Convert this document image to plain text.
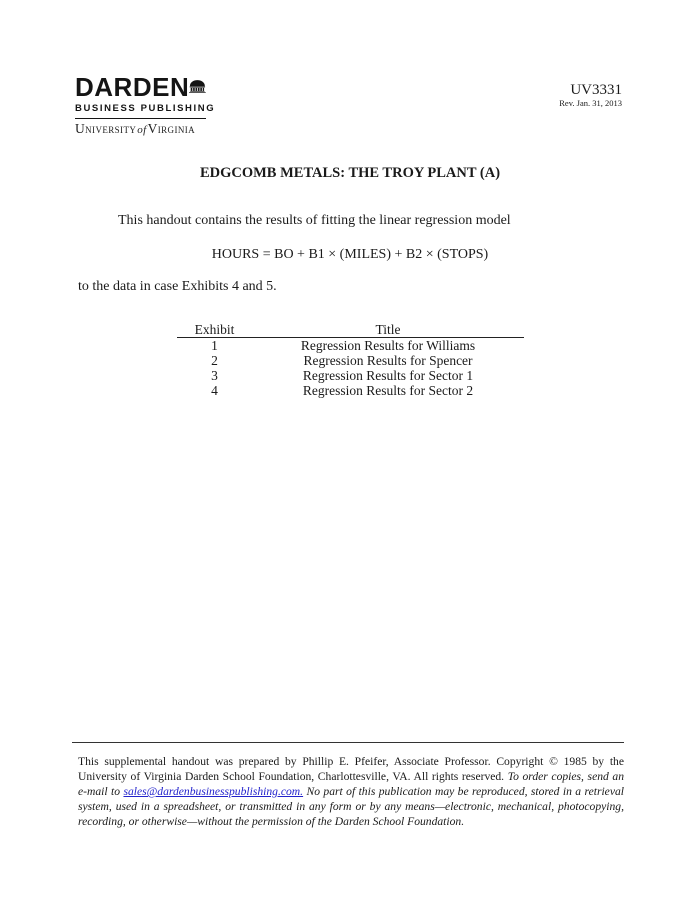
DARDEN
BUSINESS PUBLISHING
UniversityofVirginia
UV3331
Rev. Jan. 31, 2013
EDGCOMB METALS: THE TROY PLANT (A)

This handout contains the results of fitting the linear regression model

HOURS = BO + B1 × (MILES) + B2 × (STOPS)

to the data in case Exhibits 4 and 5.

Exhibit	Title
1	Regression Results for Williams
2	Regression Results for Spencer
3	Regression Results for Sector 1
4	Regression Results for Sector 2

This supplemental handout was prepared by Phillip E. Pfeifer, Associate Professor. Copyright © 1985 by the University of Virginia Darden School Foundation, Charlottesville, VA. All rights reserved. To order copies, send an e-mail to sales@dardenbusinesspublishing.com. No part of this publication may be reproduced, stored in a retrieval system, used in a spreadsheet, or transmitted in any form or by any means—electronic, mechanical, photocopying, recording, or otherwise—without the permission of the Darden School Foundation.
